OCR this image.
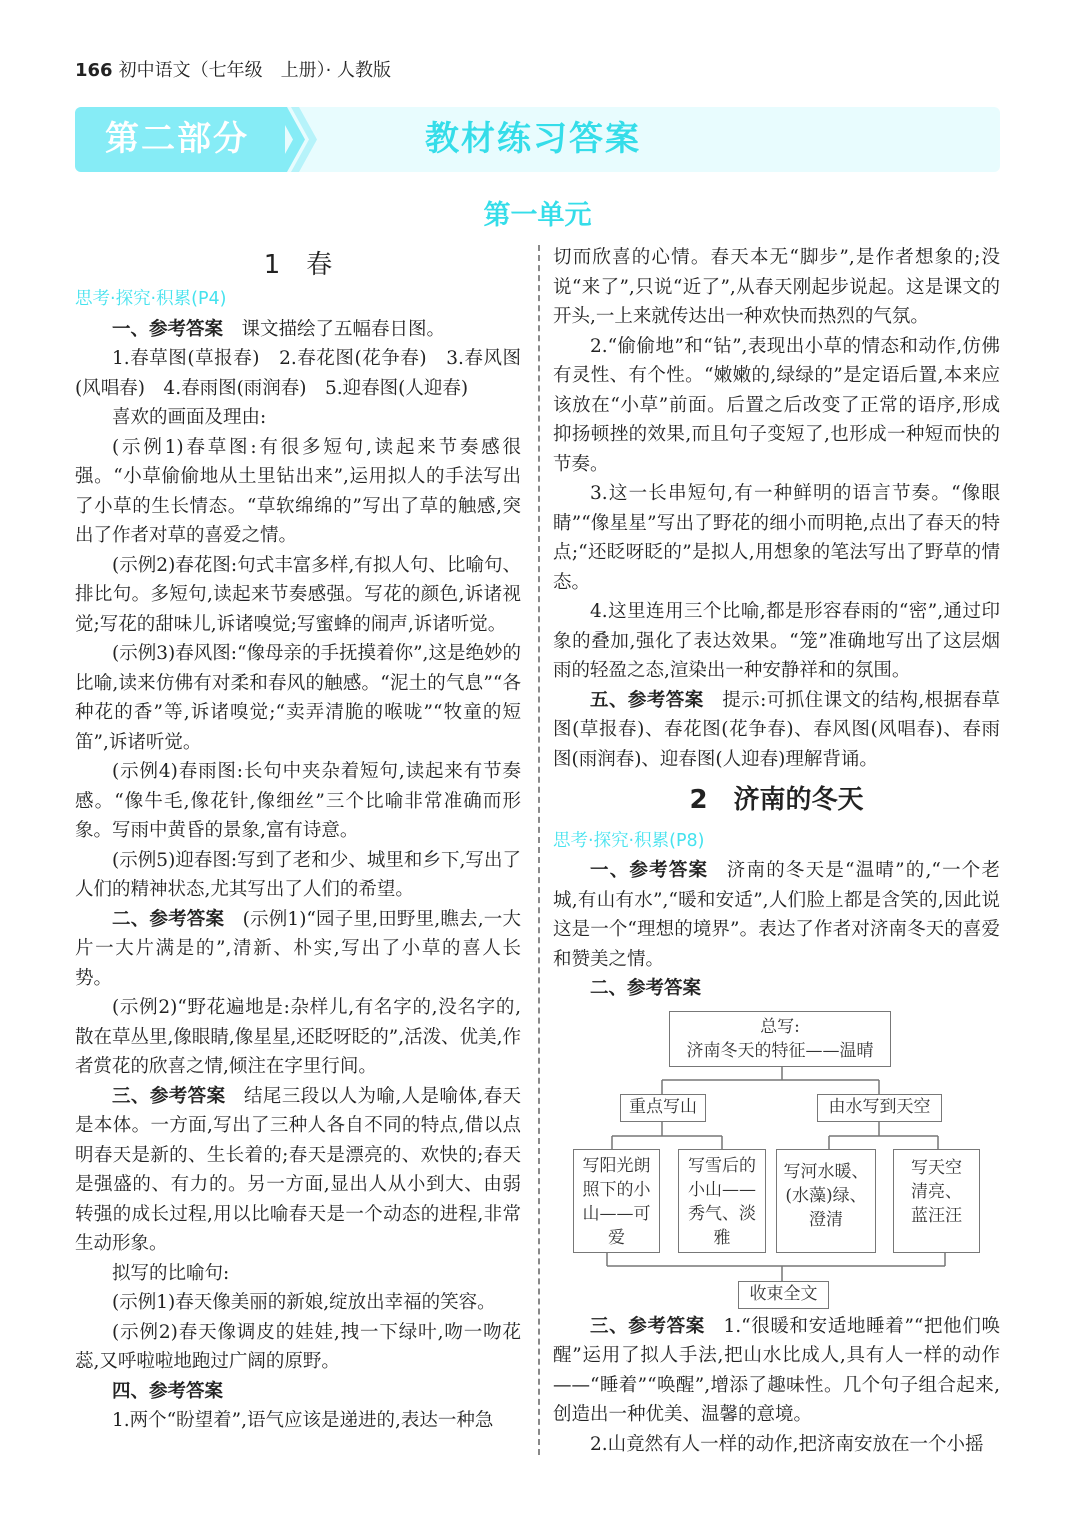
166 初中语文（七年级　上册）· 人教版
第二部分	教材练习答案
第一单元
1　春

思考·探究·积累(P4)

一、参考答案 课文描绘了五幅春日图。

1.春草图(草报春)　2.春花图(花争春)　3.春风图(风唱春)　4.春雨图(雨润春)　5.迎春图(人迎春)

喜欢的画面及理由:

(示例1)春草图:有很多短句,读起来节奏感很强。“小草偷偷地从土里钻出来”,运用拟人的手法写出了小草的生长情态。“草软绵绵的”写出了草的触感,突出了作者对草的喜爱之情。

(示例2)春花图:句式丰富多样,有拟人句、比喻句、排比句。多短句,读起来节奏感强。写花的颜色,诉诸视觉;写花的甜味儿,诉诸嗅觉;写蜜蜂的闹声,诉诸听觉。

(示例3)春风图:“像母亲的手抚摸着你”,这是绝妙的比喻,读来仿佛有对柔和春风的触感。“泥土的气息”“各种花的香”等,诉诸嗅觉;“卖弄清脆的喉咙”“牧童的短笛”,诉诸听觉。

(示例4)春雨图:长句中夹杂着短句,读起来有节奏感。“像牛毛,像花针,像细丝”三个比喻非常准确而形象。写雨中黄昏的景象,富有诗意。

(示例5)迎春图:写到了老和少、城里和乡下,写出了人们的精神状态,尤其写出了人们的希望。

二、参考答案 (示例1)“园子里,田野里,瞧去,一大片一大片满是的”,清新、朴实,写出了小草的喜人长势。

(示例2)“野花遍地是:杂样儿,有名字的,没名字的,散在草丛里,像眼睛,像星星,还眨呀眨的”,活泼、优美,作者赏花的欣喜之情,倾注在字里行间。

三、参考答案 结尾三段以人为喻,人是喻体,春天是本体。一方面,写出了三种人各自不同的特点,借以点明春天是新的、生长着的;春天是漂亮的、欢快的;春天是强盛的、有力的。另一方面,显出人从小到大、由弱转强的成长过程,用以比喻春天是一个动态的进程,非常生动形象。

拟写的比喻句:

(示例1)春天像美丽的新娘,绽放出幸福的笑容。

(示例2)春天像调皮的娃娃,拽一下绿叶,吻一吻花蕊,又呼啦啦地跑过广阔的原野。

四、参考答案

1.两个“盼望着”,语气应该是递进的,表达一种急

切而欣喜的心情。春天本无“脚步”,是作者想象的;没说“来了”,只说“近了”,从春天刚起步说起。这是课文的开头,一上来就传达出一种欢快而热烈的气氛。

2.“偷偷地”和“钻”,表现出小草的情态和动作,仿佛有灵性、有个性。“嫩嫩的,绿绿的”是定语后置,本来应该放在“小草”前面。后置之后改变了正常的语序,形成抑扬顿挫的效果,而且句子变短了,也形成一种短而快的节奏。

3.这一长串短句,有一种鲜明的语言节奏。“像眼睛”“像星星”写出了野花的细小而明艳,点出了春天的特点;“还眨呀眨的”是拟人,用想象的笔法写出了野草的情态。

4.这里连用三个比喻,都是形容春雨的“密”,通过印象的叠加,强化了表达效果。“笼”准确地写出了这层烟雨的轻盈之态,渲染出一种安静祥和的氛围。

五、参考答案 提示:可抓住课文的结构,根据春草图(草报春)、春花图(花争春)、春风图(风唱春)、春雨图(雨润春)、迎春图(人迎春)理解背诵。

2　济南的冬天

思考·探究·积累(P8)

一、参考答案 济南的冬天是“温晴”的,“一个老城,有山有水”,“暖和安适”,人们脸上都是含笑的,因此说这是一个“理想的境界”。表达了作者对济南冬天的喜爱和赞美之情。

二、参考答案

总写:
济南冬天的特征——温晴
重点写山	由水写到天空
写阳光朗照下的小山——可爱
写雪后的小山——秀气、淡雅
写河水暖、(水藻)绿、澄清
写天空清亮、蓝汪汪
收束全文

三、参考答案 1.“很暖和安适地睡着”“把他们唤醒”运用了拟人手法,把山水比成人,具有人一样的动作——“睡着”“唤醒”,增添了趣味性。几个句子组合起来,创造出一种优美、温馨的意境。

2.山竟然有人一样的动作,把济南安放在一个小摇
